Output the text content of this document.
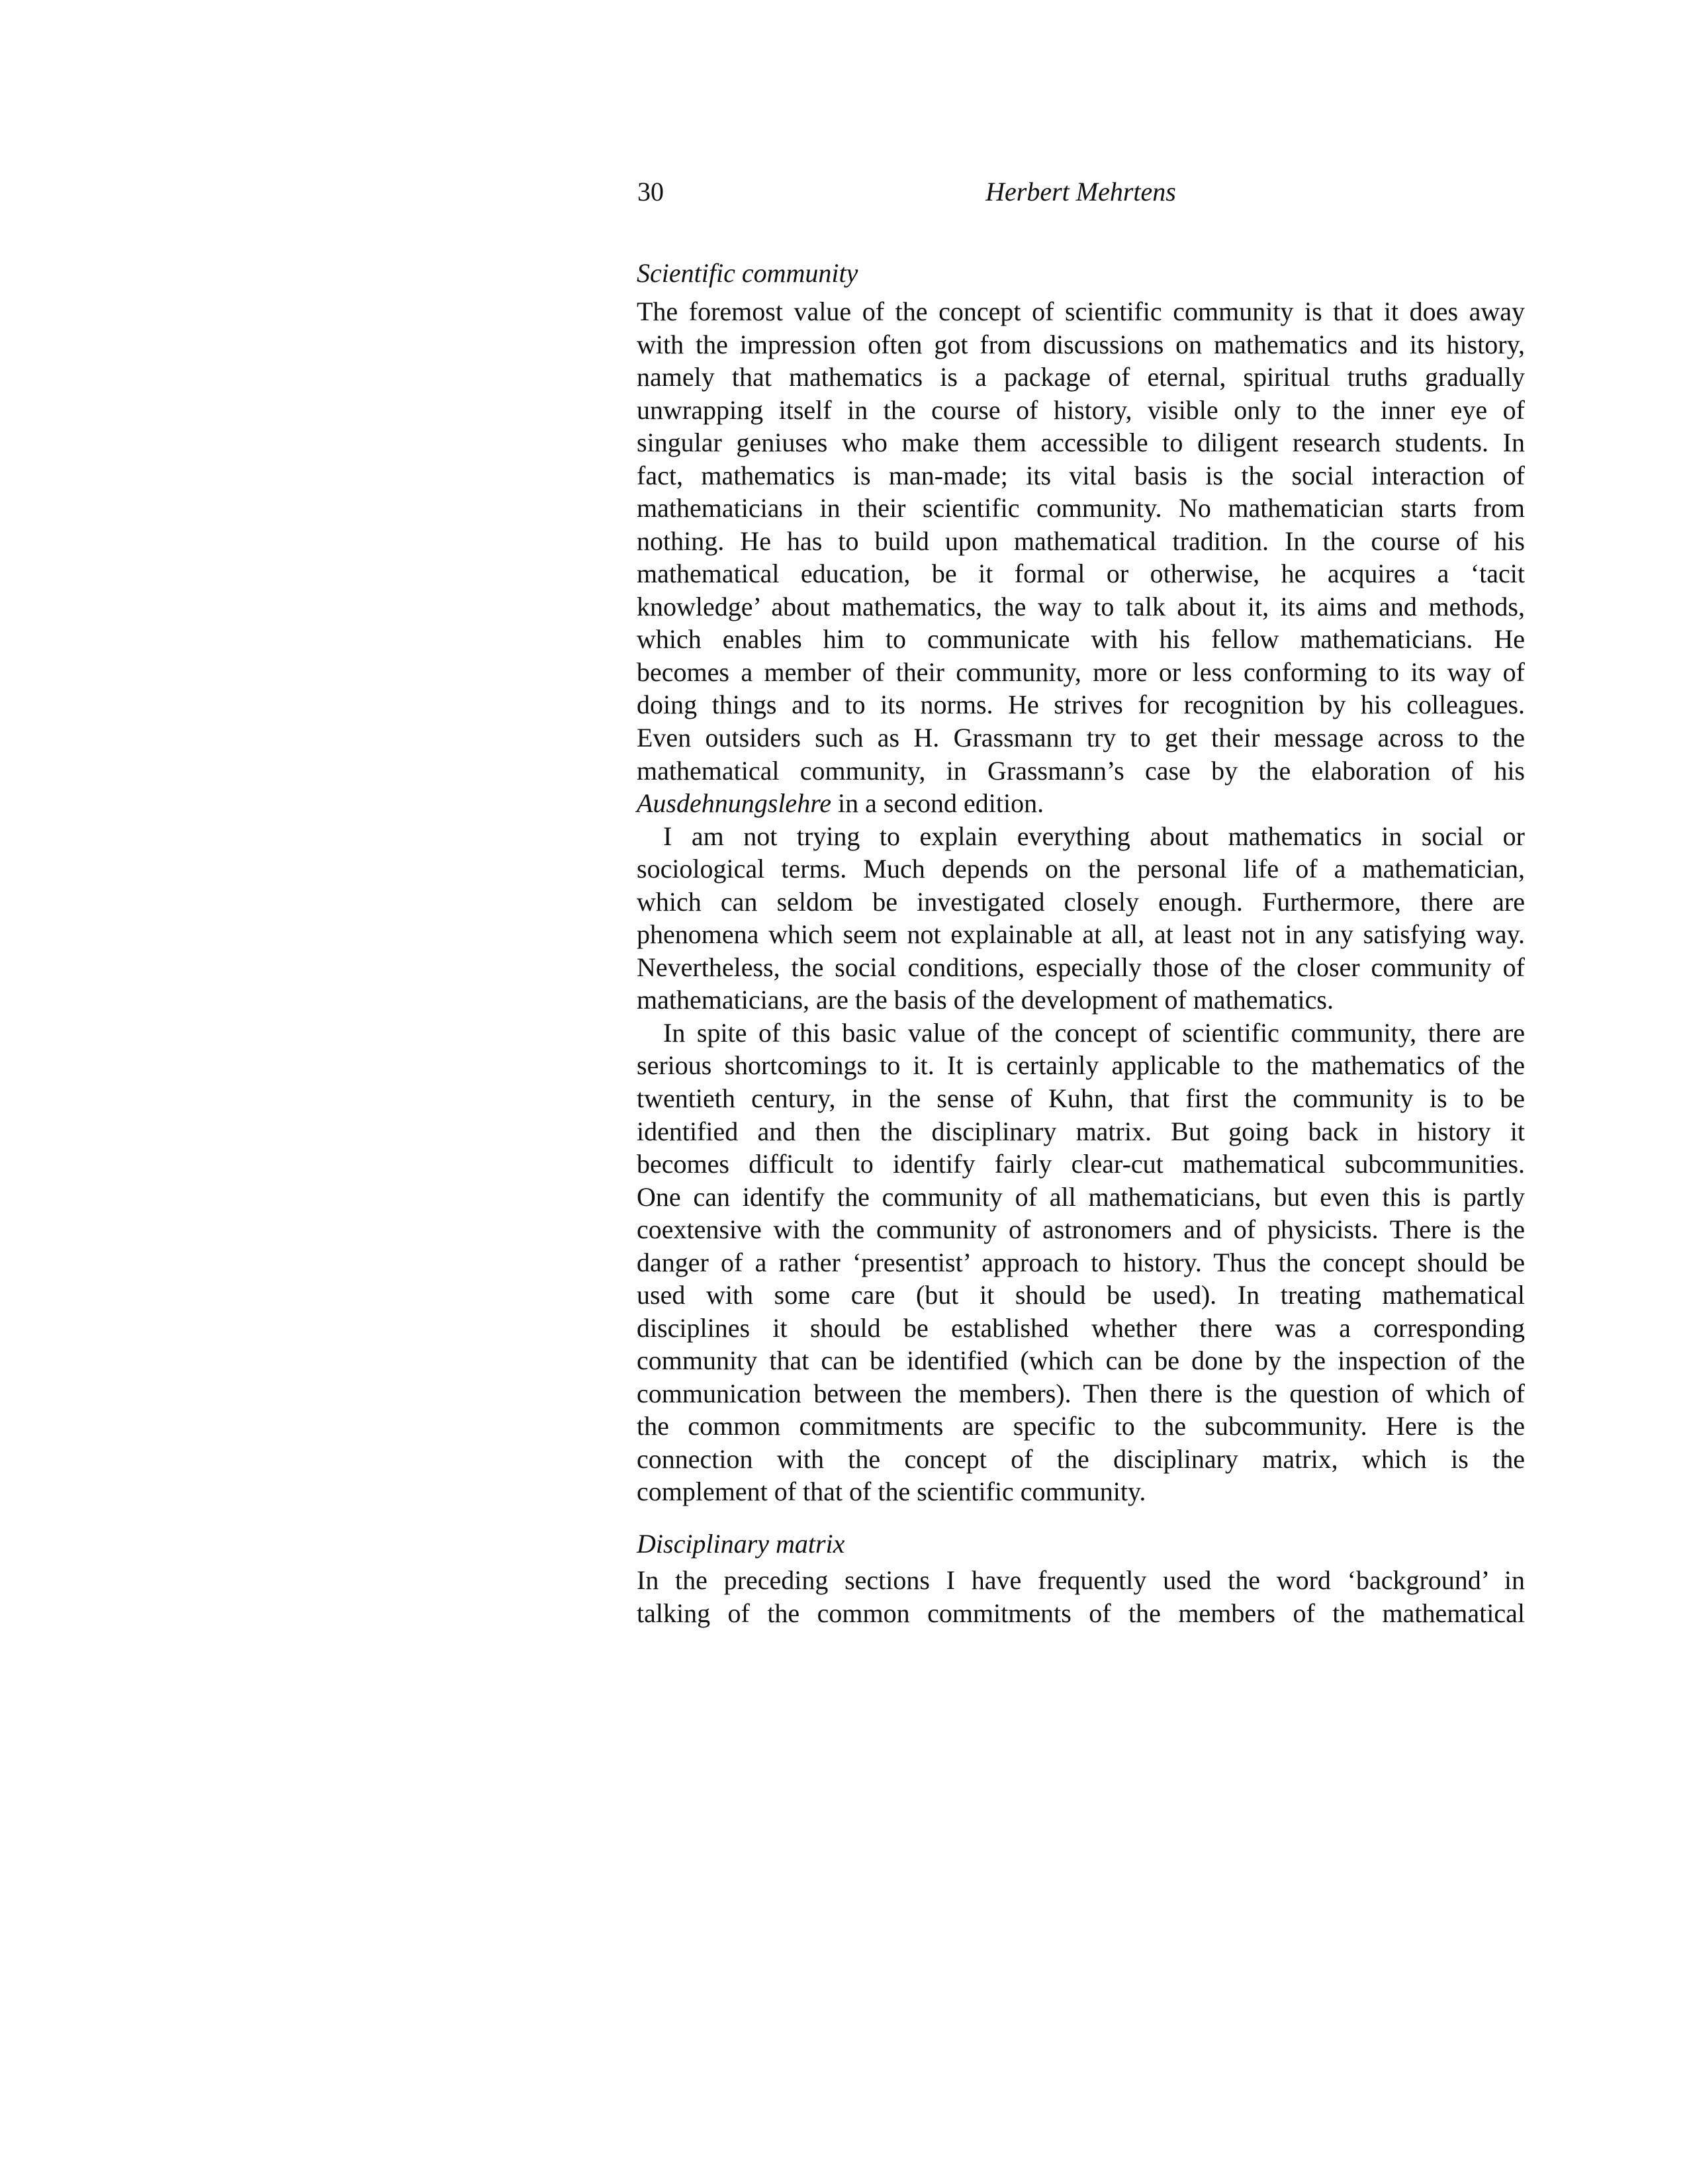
30	Herbert Mehrtens
Scientific community
The foremost value of the concept of scientific community is that it does away
with the impression often got from discussions on mathematics and its history,
namely that mathematics is a package of eternal, spiritual truths gradually
unwrapping itself in the course of history, visible only to the inner eye of
singular geniuses who make them accessible to diligent research students. In
fact, mathematics is man-made; its vital basis is the social interaction of
mathematicians in their scientific community. No mathematician starts from
nothing. He has to build upon mathematical tradition. In the course of his
mathematical education, be it formal or otherwise, he acquires a ‘tacit
knowledge’ about mathematics, the way to talk about it, its aims and methods,
which enables him to communicate with his fellow mathematicians. He
becomes a member of their community, more or less conforming to its way of
doing things and to its norms. He strives for recognition by his colleagues.
Even outsiders such as H. Grassmann try to get their message across to the
mathematical community, in Grassmann’s case by the elaboration of his
Ausdehnungslehre in a second edition.
I am not trying to explain everything about mathematics in social or
sociological terms. Much depends on the personal life of a mathematician,
which can seldom be investigated closely enough. Furthermore, there are
phenomena which seem not explainable at all, at least not in any satisfying way.
Nevertheless, the social conditions, especially those of the closer community of
mathematicians, are the basis of the development of mathematics.
In spite of this basic value of the concept of scientific community, there are
serious shortcomings to it. It is certainly applicable to the mathematics of the
twentieth century, in the sense of Kuhn, that first the community is to be
identified and then the disciplinary matrix. But going back in history it
becomes difficult to identify fairly clear-cut mathematical subcommunities.
One can identify the community of all mathematicians, but even this is partly
coextensive with the community of astronomers and of physicists. There is the
danger of a rather ‘presentist’ approach to history. Thus the concept should be
used with some care (but it should be used). In treating mathematical
disciplines it should be established whether there was a corresponding
community that can be identified (which can be done by the inspection of the
communication between the members). Then there is the question of which of
the common commitments are specific to the subcommunity. Here is the
connection with the concept of the disciplinary matrix, which is the
complement of that of the scientific community.
Disciplinary matrix
In the preceding sections I have frequently used the word ‘background’ in
talking of the common commitments of the members of the mathematical
